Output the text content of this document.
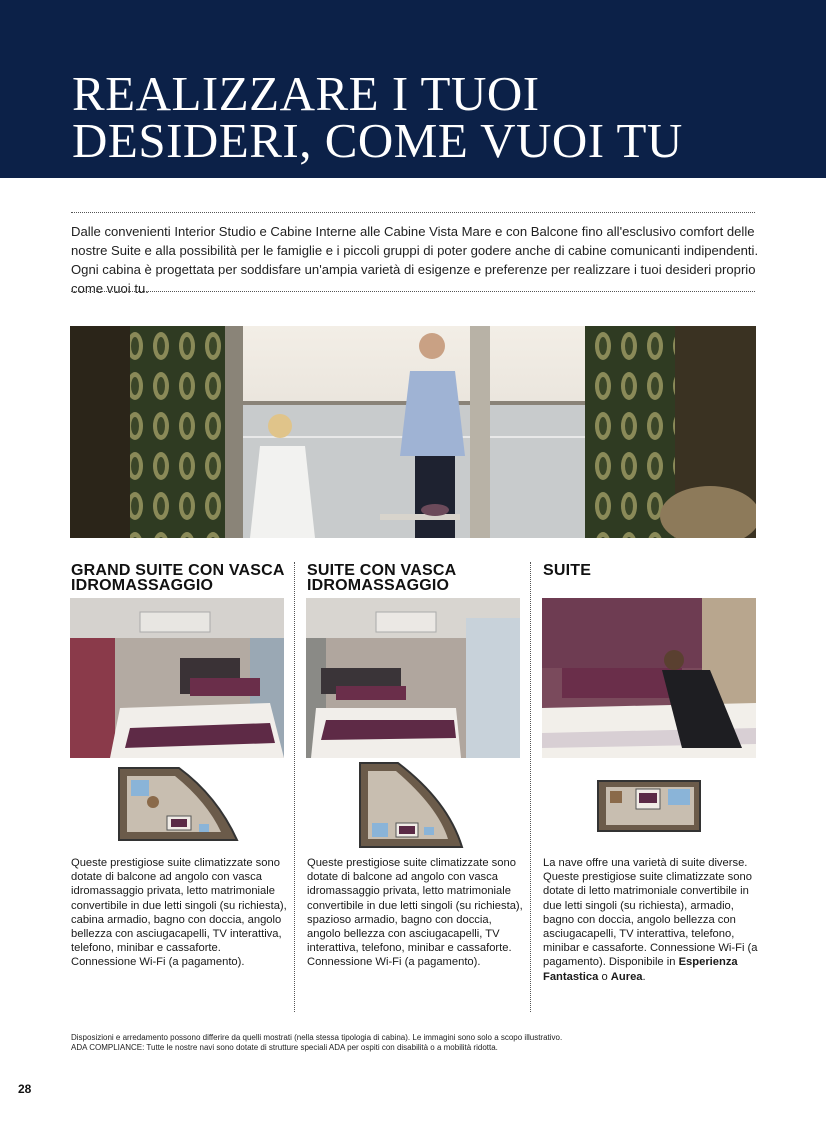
REALIZZARE I TUOI
DESIDERI, COME VUOI TU
Dalle convenienti Interior Studio e Cabine Interne alle Cabine Vista Mare e con Balcone fino all'esclusivo comfort delle nostre Suite e alla possibilità per le famiglie e i piccoli gruppi di poter godere anche di cabine comunicanti indipendenti. Ogni cabina è progettata per soddisfare un'ampia varietà di esigenze e preferenze per realizzare i tuoi desideri proprio come vuoi tu.
GRAND SUITE CON VASCA IDROMASSAGGIO
Queste prestigiose suite climatizzate sono dotate di balcone ad angolo con vasca idromassaggio privata, letto matrimoniale convertibile in due letti singoli (su richiesta), cabina armadio, bagno con doccia, angolo bellezza con asciugacapelli, TV interattiva, telefono, minibar e cassaforte.
Connessione Wi-Fi (a pagamento).
SUITE CON VASCA IDROMASSAGGIO
Queste prestigiose suite climatizzate sono dotate di balcone ad angolo con vasca idromassaggio privata, letto matrimoniale convertibile in due letti singoli (su richiesta), spazioso armadio, bagno con doccia, angolo bellezza con asciugacapelli, TV interattiva, telefono, minibar e cassaforte.
Connessione Wi-Fi (a pagamento).
SUITE
La nave offre una varietà di suite diverse. Queste prestigiose suite climatizzate sono dotate di letto matrimoniale convertibile in due letti singoli (su richiesta), armadio, bagno con doccia, angolo bellezza con asciugacapelli, TV interattiva, telefono, minibar e cassaforte. Connessione Wi-Fi (a pagamento). Disponibile in Esperienza Fantastica o Aurea.
Disposizioni e arredamento possono differire da quelli mostrati (nella stessa tipologia di cabina). Le immagini sono solo a scopo illustrativo.
ADA COMPLIANCE: Tutte le nostre navi sono dotate di strutture speciali ADA per ospiti con disabilità o a mobilità ridotta.
28
